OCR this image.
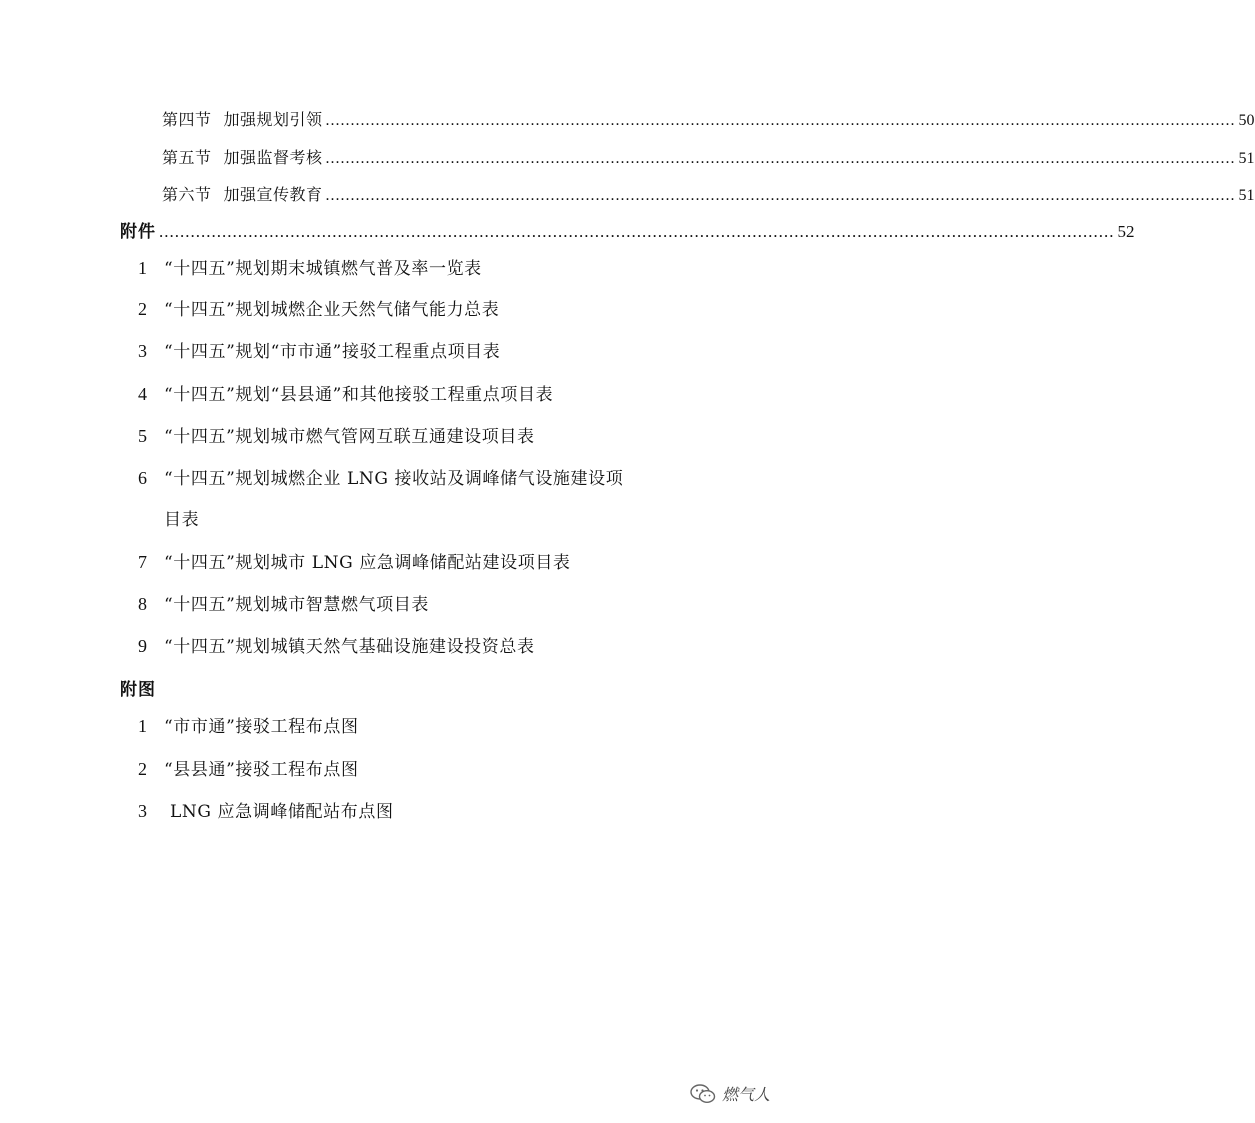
第四节 加强规划引领 ...................................................................................................................................................................................... 50
第五节 加强监督考核 ...................................................................................................................................................................................... 51
第六节 加强宣传教育 ...................................................................................................................................................................................... 51
附件 ...................................................................................................................................................................................... 52
1 “十四五”规划期末城镇燃气普及率一览表
2 “十四五”规划城燃企业天然气储气能力总表
3 “十四五”规划“市市通”接驳工程重点项目表
4 “十四五”规划“县县通”和其他接驳工程重点项目表
5 “十四五”规划城市燃气管网互联互通建设项目表
6 “十四五”规划城燃企业 LNG 接收站及调峰储气设施建设项
目表
7 “十四五”规划城市 LNG 应急调峰储配站建设项目表
8 “十四五”规划城市智慧燃气项目表
9 “十四五”规划城镇天然气基础设施建设投资总表
附图
1 “市市通”接驳工程布点图
2 “县县通”接驳工程布点图
3 LNG 应急调峰储配站布点图
燃气人
